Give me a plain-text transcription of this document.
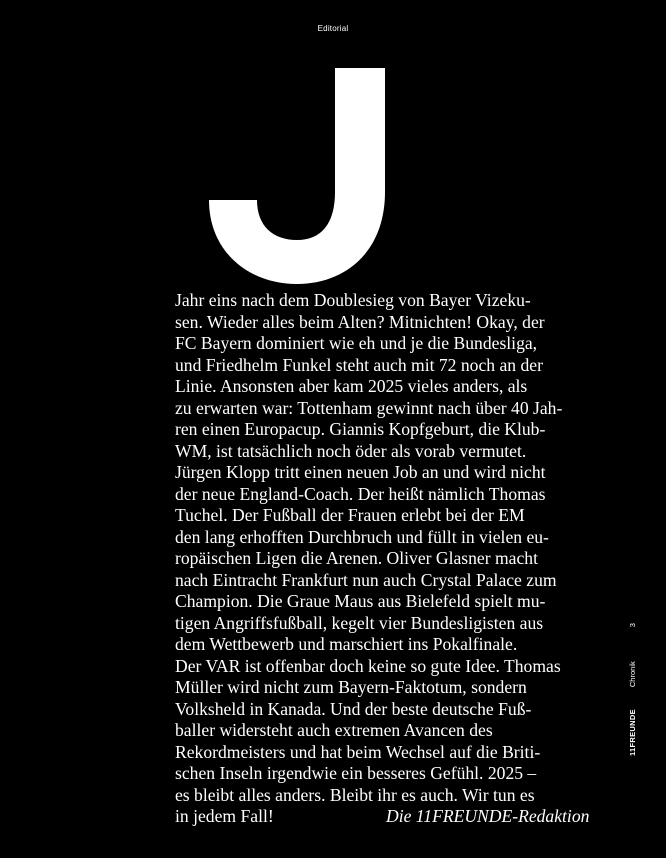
Editorial
Jahr eins nach dem Doublesieg von Bayer Vizeku-
sen. Wieder alles beim Alten? Mitnichten! Okay, der
FC Bayern dominiert wie eh und je die Bundesliga,
und Friedhelm Funkel steht auch mit 72 noch an der
Linie. Ansonsten aber kam 2025 vieles anders, als
zu erwarten war: Tottenham gewinnt nach über 40 Jah-
ren einen Europacup. Giannis Kopfgeburt, die Klub-
WM, ist tatsächlich noch öder als vorab vermutet.
Jürgen Klopp tritt einen neuen Job an und wird nicht
der neue England-Coach. Der heißt nämlich Thomas
Tuchel. Der Fußball der Frauen erlebt bei der EM
den lang erhofften Durchbruch und füllt in vielen eu-
ropäischen Ligen die Arenen. Oliver Glasner macht
nach Eintracht Frankfurt nun auch Crystal Palace zum
Champion. Die Graue Maus aus Bielefeld spielt mu-
tigen Angriffsfußball, kegelt vier Bundesligisten aus
dem Wettbewerb und marschiert ins Pokalfinale.
Der VAR ist offenbar doch keine so gute Idee. Thomas
Müller wird nicht zum Bayern-Faktotum, sondern
Volksheld in Kanada. Und der beste deutsche Fuß-
baller widersteht auch extremen Avancen des
Rekordmeisters und hat beim Wechsel auf die Briti-
schen Inseln irgendwie ein besseres Gefühl. 2025 –
es bleibt alles anders. Bleibt ihr es auch. Wir tun es
in jedem Fall!	Die 11FREUNDE-Redaktion
11FREUNDEChronik3
